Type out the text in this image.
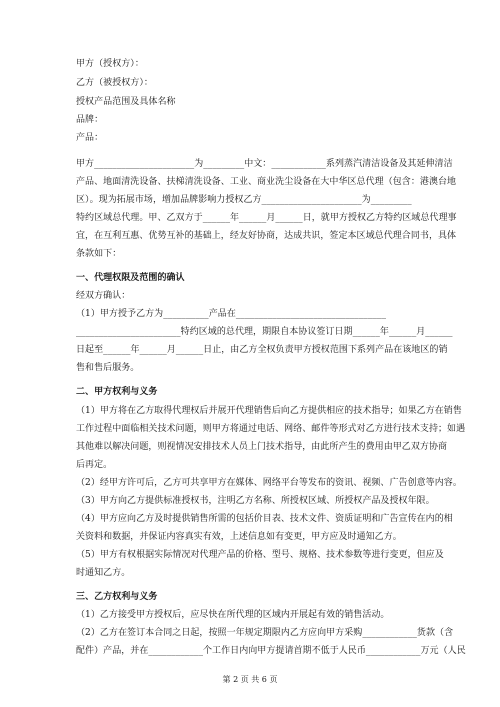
甲方（授权方）：
乙方（被授权方）：
授权产品范围及具体名称
品牌：
产品：
甲方______________________为_________中文：____________系列蒸汽清洁设备及其延伸清洁
产品、地面清洗设备、扶梯清洗设备、工业、商业洗尘设备在大中华区总代理（包含：港澳台地
区）。现为拓展市场，增加品牌影响力授权乙方______________________为_________
特约区域总代理。甲、乙双方于______年______月______日，就甲方授权乙方特约区域总代理事
宜，在互利互惠、优势互补的基础上，经友好协商，达成共识，签定本区域总代理合同书，具体
条款如下：
一、代理权限及范围的确认
经双方确认：
（1）甲方授予乙方为__________产品在_________________________________
_______________________特约区域的总代理，期限自本协议签订日期______年______月______
日起至______年______月______日止，由乙方全权负责甲方授权范围下系列产品在该地区的销
售和售后服务。
二、甲方权利与义务
（1）甲方将在乙方取得代理权后并展开代理销售后向乙方提供相应的技术指导；如果乙方在销售
工作过程中面临相关技术问题，则甲方将通过电话、网络、邮件等形式对乙方进行技术支持；如遇
其他难以解决问题，则视情况安排技术人员上门技术指导，由此所产生的费用由甲乙双方协商
后再定。
（2）经甲方许可后，乙方可共享甲方在媒体、网络平台等发布的资讯、视频、广告创意等内容。
（3）甲方向乙方提供标准授权书，注明乙方名称、所授权区域、所授权产品及授权年限。
（4）甲方应向乙方及时提供销售所需的包括价目表、技术文件、资质证明和广告宣传在内的相
关资料和数据，并保证内容真实有效，上述信息如有变更，甲方应及时通知乙方。
（5）甲方有权根据实际情况对代理产品的价格、型号、规格、技术参数等进行变更，但应及
时通知乙方。
三、乙方权利与义务
（1）乙方接受甲方授权后，应尽快在所代理的区域内开展起有效的销售活动。
（2）乙方在签订本合同之日起，按照一年规定期限内乙方应向甲方采购____________货款（含
配件）产品，并在____________个工作日内向甲方提请首期不低于人民币____________万元（人民
第 2 页 共 6 页
